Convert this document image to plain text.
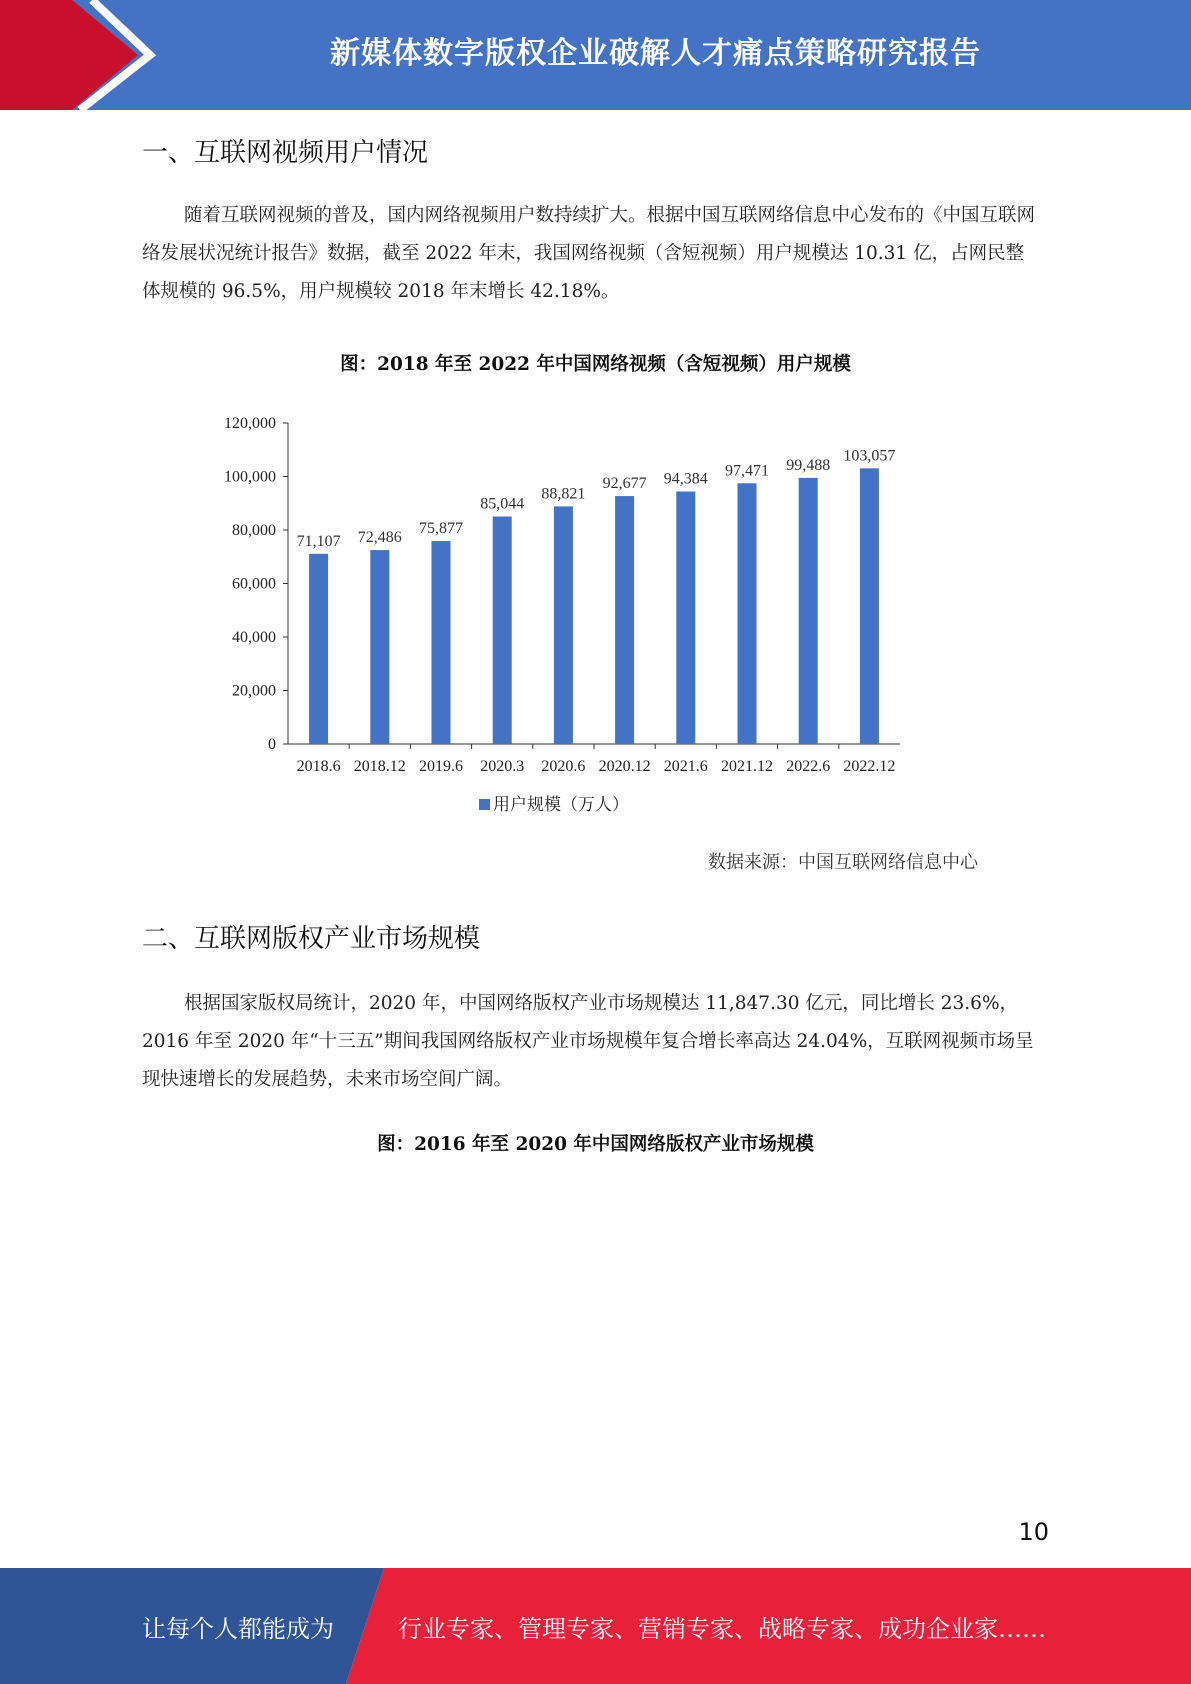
新媒体数字版权企业破解人才痛点策略研究报告
一、互联网视频用户情况
随着互联网视频的普及，国内网络视频用户数持续扩大。根据中国互联网络信息中心发布的《中国互联网络发展状况统计报告》数据，截至 2022 年末，我国网络视频（含短视频）用户规模达 10.31 亿，占网民整体规模的 96.5%，用户规模较 2018 年末增长 42.18%。
图：2018 年至 2022 年中国网络视频（含短视频）用户规模
0
20,000
40,000
60,000
80,000
100,000
120,000
71,107
2018.6
72,486
2018.12
75,877
2019.6
85,044
2020.3
88,821
2020.6
92,677
2020.12
94,384
2021.6
97,471
2021.12
99,488
2022.6
103,057
2022.12
用户规模（万人）
数据来源：中国互联网络信息中心
二、互联网版权产业市场规模
根据国家版权局统计，2020 年，中国网络版权产业市场规模达 11,847.30 亿元，同比增长 23.6%，2016 年至 2020 年“十三五”期间我国网络版权产业市场规模年复合增长率高达 24.04%，互联网视频市场呈现快速增长的发展趋势，未来市场空间广阔。
图：2016 年至 2020 年中国网络版权产业市场规模
10
让每个人都能成为	行业专家、管理专家、营销专家、战略专家、成功企业家……
